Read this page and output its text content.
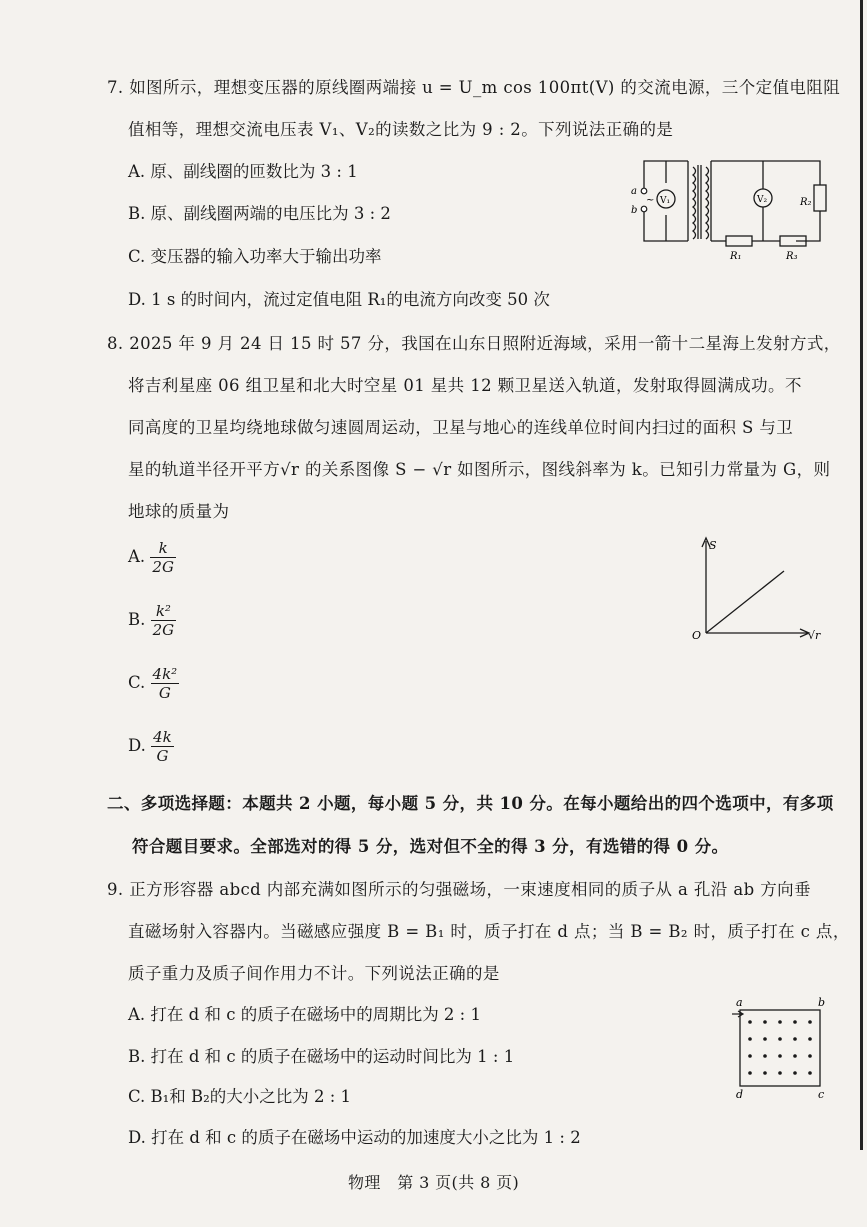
7. 如图所示，理想变压器的原线圈两端接 u = U_m cos 100πt(V) 的交流电源，三个定值电阻阻
值相等，理想交流电压表 V₁、V₂的读数之比为 9 : 2。下列说法正确的是
A. 原、副线圈的匝数比为 3 : 1
B. 原、副线圈两端的电压比为 3 : 2
C. 变压器的输入功率大于输出功率
D. 1 s 的时间内，流过定值电阻 R₁的电流方向改变 50 次
a
b
~ V₁	V₂	R₂
R₁	R₃
8. 2025 年 9 月 24 日 15 时 57 分，我国在山东日照附近海域，采用一箭十二星海上发射方式，
将吉利星座 06 组卫星和北大时空星 01 星共 12 颗卫星送入轨道，发射取得圆满成功。不
同高度的卫星均绕地球做匀速圆周运动，卫星与地心的连线单位时间内扫过的面积 S 与卫
星的轨道半径开平方√r 的关系图像 S − √r 如图所示，图线斜率为 k。已知引力常量为 G，则
地球的质量为
A. $\frac{k}{2G}$
B. $\frac{\text{k²}}{2G}$
C. $\frac{\text{4k²}}{G}$
D. $\frac{4k}{G}$
S
√r
O
二、多项选择题：本题共 2 小题，每小题 5 分，共 10 分。在每小题给出的四个选项中，有多项
符合题目要求。全部选对的得 5 分，选对但不全的得 3 分，有选错的得 0 分。
9. 正方形容器 abcd 内部充满如图所示的匀强磁场，一束速度相同的质子从 a 孔沿 ab 方向垂
直磁场射入容器内。当磁感应强度 B = B₁ 时，质子打在 d 点；当 B = B₂ 时，质子打在 c 点，
质子重力及质子间作用力不计。下列说法正确的是
A. 打在 d 和 c 的质子在磁场中的周期比为 2 : 1
B. 打在 d 和 c 的质子在磁场中的运动时间比为 1 : 1
C. B₁和 B₂的大小之比为 2 : 1
D. 打在 d 和 c 的质子在磁场中运动的加速度大小之比为 1 : 2
a	b
d	c
物理　第 3 页(共 8 页)
